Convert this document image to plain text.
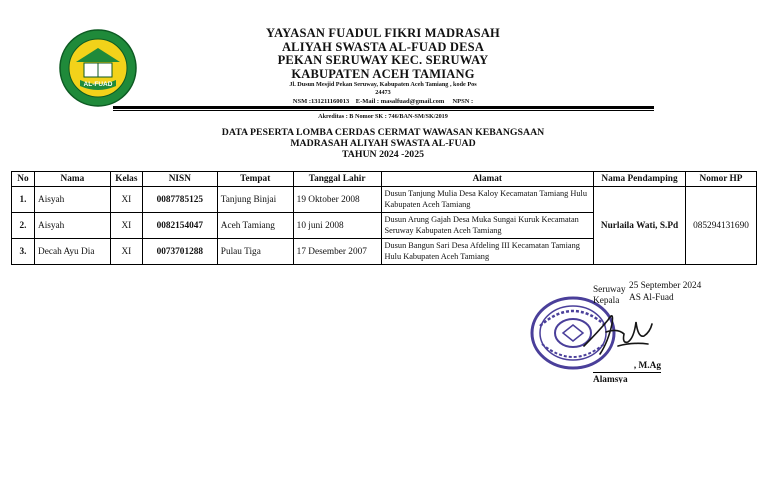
AL-FUAD
YAYASAN FUADUL FIKRI MADRASAH
ALIYAH SWASTA AL-FUAD DESA
PEKAN SERUWAY KEC. SERUWAY
KABUPATEN ACEH TAMIANG
Jl. Dusun Mesjid Pekan Seruway, Kabupaten Aceh Tamiang , kode Pos
24473
NSM :131211160013    E-Mail : masalfuad@gmail.com     NPSN :
Akreditas : B Nomor SK : 746/BAN-SM/SK/2019
DATA PESERTA LOMBA CERDAS CERMAT WAWASAN KEBANGSAAN
MADRASAH ALIYAH SWASTA AL-FUAD
TAHUN 2024 -2025
No	Nama	Kelas	NISN	Tempat	Tanggal Lahir	Alamat	Nama Pendamping	Nomor HP
1.	Aisyah	XI	0087785125	Tanjung Binjai	19 Oktober 2008	Dusun Tanjung Mulia Desa Kaloy Kecamatan Tamiang Hulu Kabupaten Aceh Tamiang	Nurlaila Wati, S.Pd	085294131690
2.	Aisyah	XI	0082154047	Aceh Tamiang	10 juni 2008	Dusun Arung Gajah Desa Muka Sungai Kuruk Kecamatan Seruway Kabupaten Aceh Tamiang		
3.	Decah Ayu Dia	XI	0073701288	Pulau Tiga	17 Desember 2007	Dusun Bangun Sari Desa Afdeling III Kecamatan Tamiang Hulu Kabupaten Aceh Tamiang		
Seruway 25 September 2024
Kepala AS Al-Fuad
, M.Ag
Alamsya
